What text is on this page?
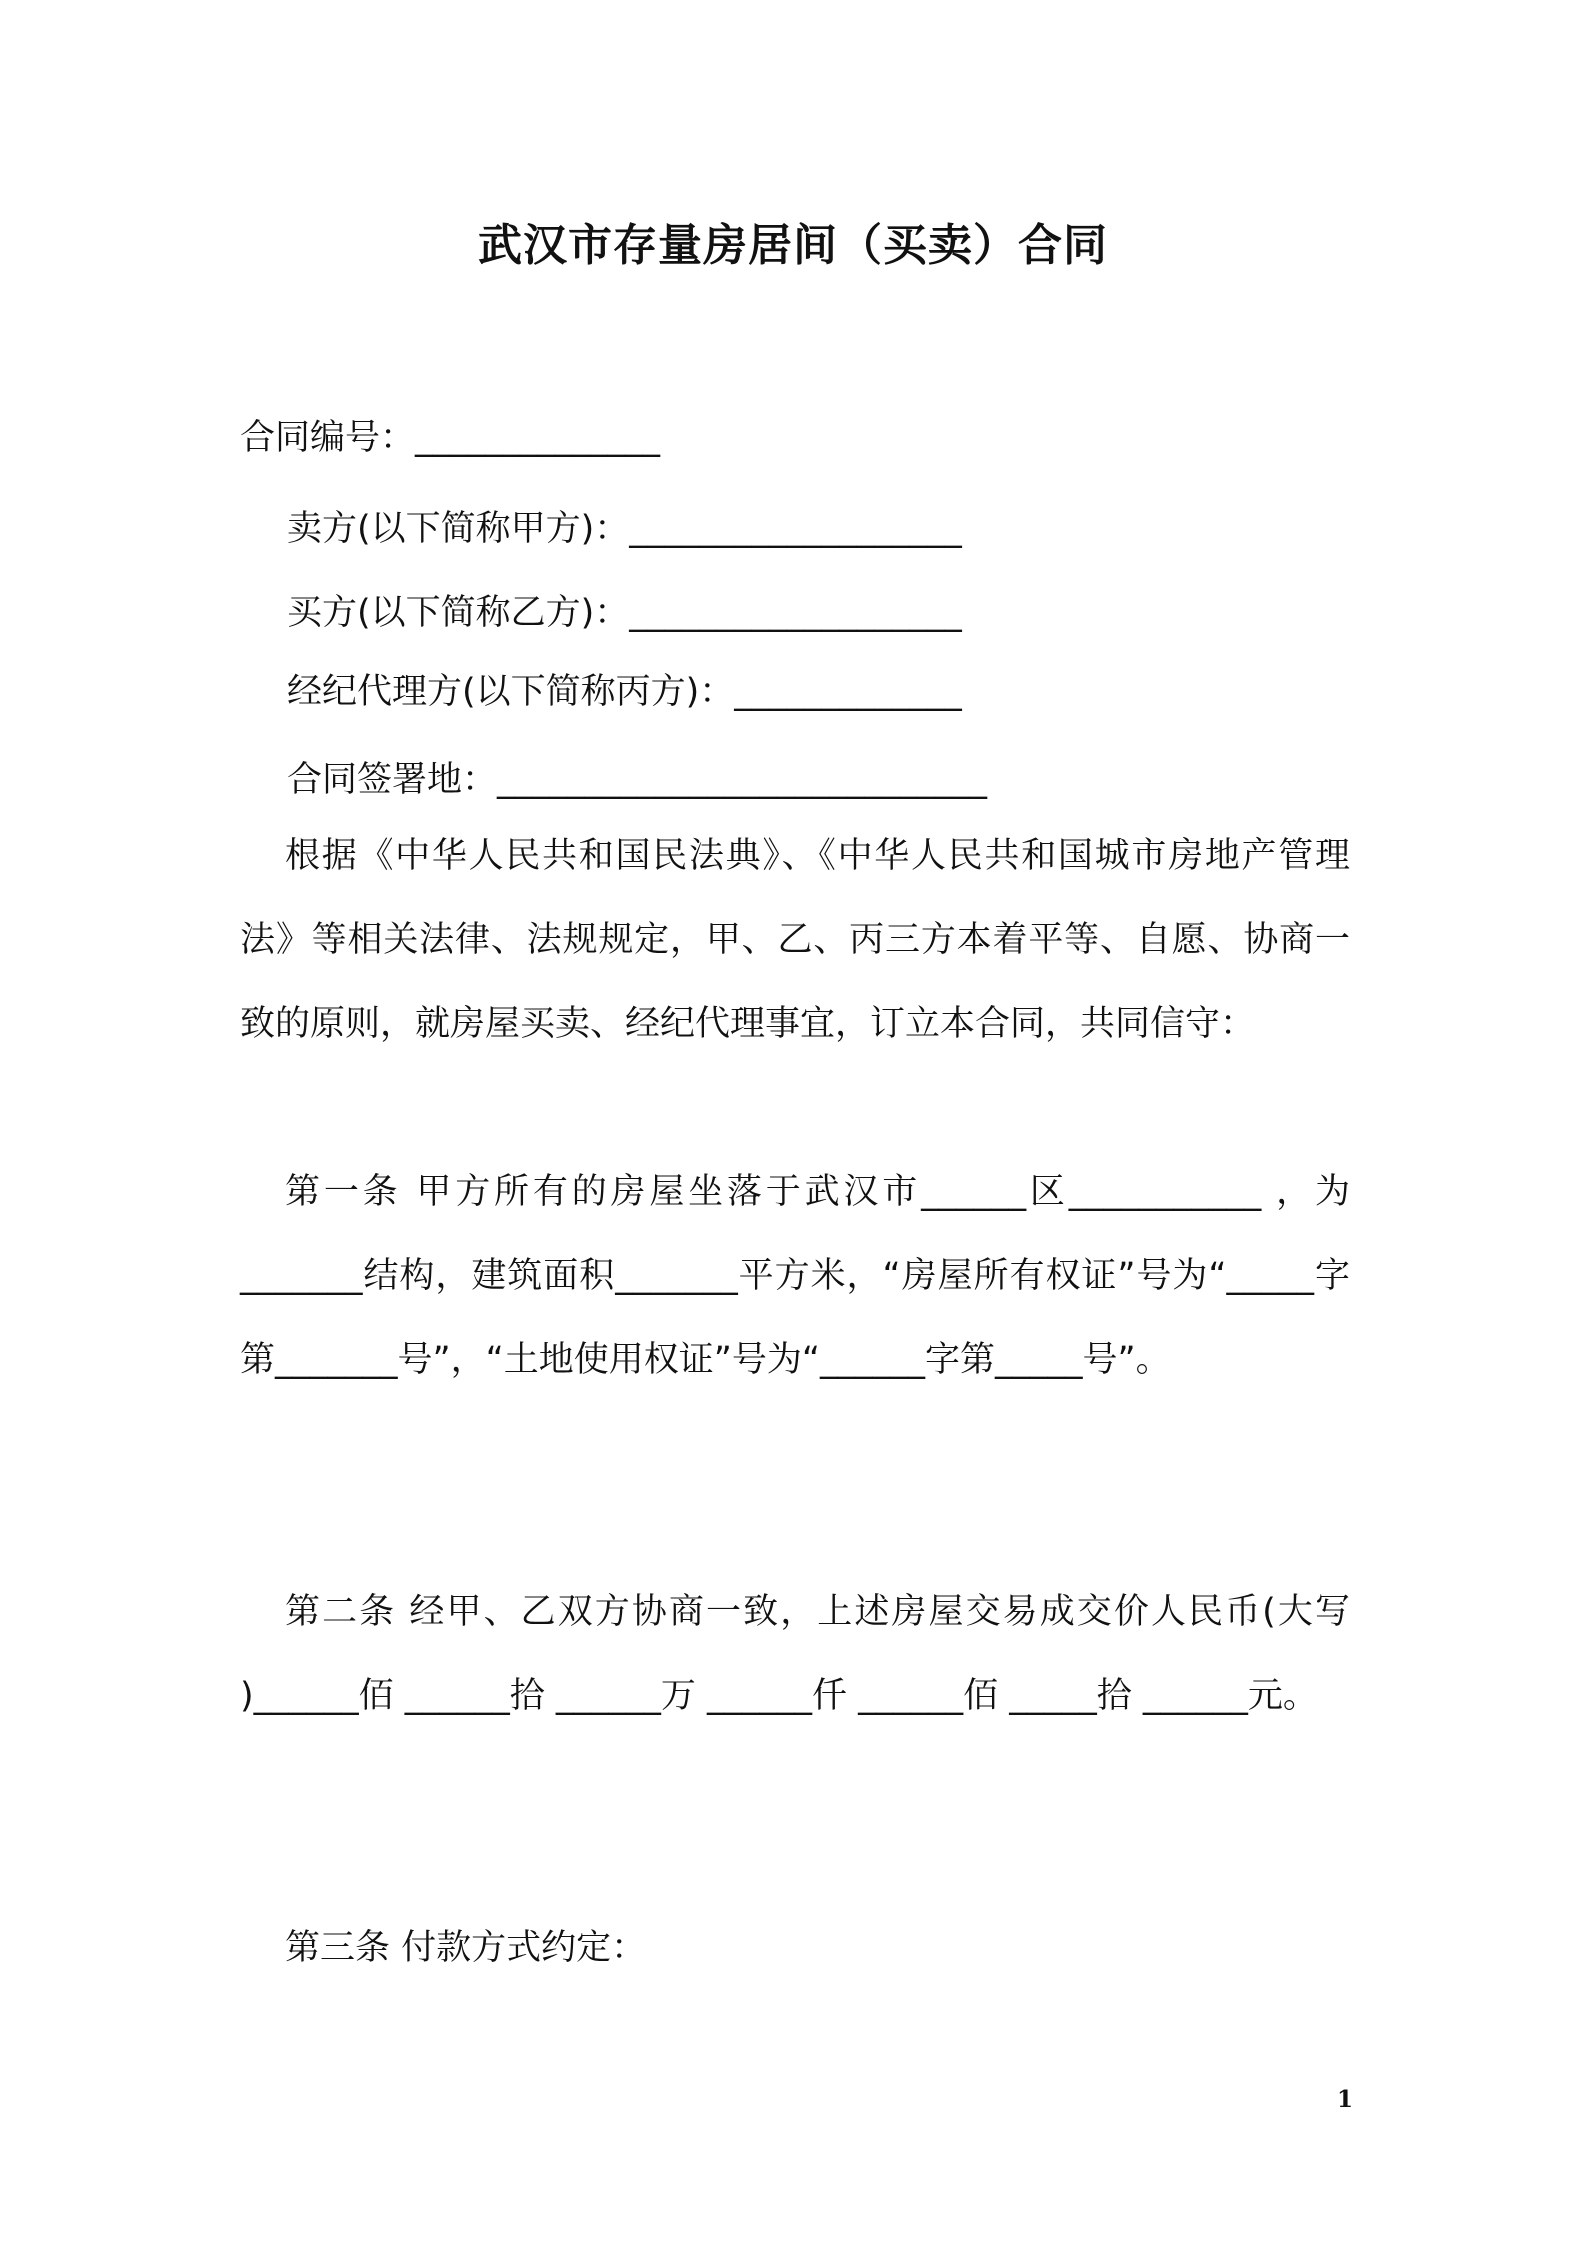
武汉市存量房居间（买卖）合同
合同编号：______________
卖方(以下简称甲方)：___________________
买方(以下简称乙方)：___________________
经纪代理方(以下简称丙方)：_____________
合同签署地：____________________________
根据《中华人民共和国民法典》、《中华人民共和国城市房地产管理法》等相关法律、法规规定，甲、乙、丙三方本着平等、自愿、协商一致的原则，就房屋买卖、经纪代理事宜，订立本合同，共同信守：
第一条 甲方所有的房屋坐落于武汉市______区___________ ，为_______结构，建筑面积_______平方米，“房屋所有权证”号为“_____字第_______号”，“土地使用权证”号为“______字第_____号”。
第二条 经甲、乙双方协商一致，上述房屋交易成交价人民币(大写 )______佰 ______拾 ______万 ______仟 ______佰 _____拾 ______元。
第三条 付款方式约定：
1
